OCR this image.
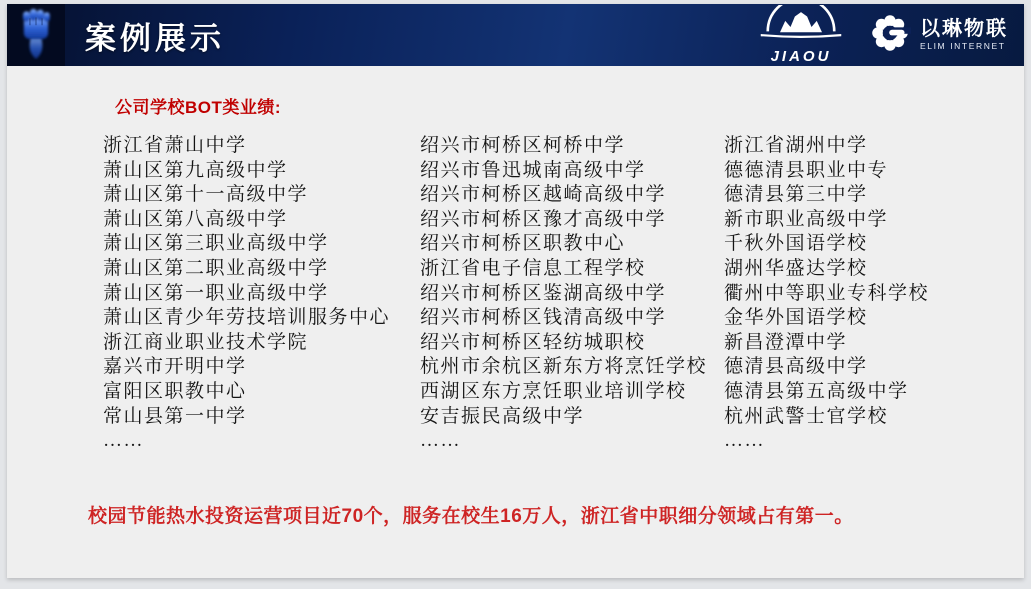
案例展示
JIAOU
以琳物联
ELIM INTERNET
公司学校BOT类业绩:
浙江省萧山中学
萧山区第九高级中学
萧山区第十一高级中学
萧山区第八高级中学
萧山区第三职业高级中学
萧山区第二职业高级中学
萧山区第一职业高级中学
萧山区青少年劳技培训服务中心
浙江商业职业技术学院
嘉兴市开明中学
富阳区职教中心
常山县第一中学
……
绍兴市柯桥区柯桥中学
绍兴市鲁迅城南高级中学
绍兴市柯桥区越崎高级中学
绍兴市柯桥区豫才高级中学
绍兴市柯桥区职教中心
浙江省电子信息工程学校
绍兴市柯桥区鉴湖高级中学
绍兴市柯桥区钱清高级中学
绍兴市柯桥区轻纺城职校
杭州市余杭区新东方将烹饪学校
西湖区东方烹饪职业培训学校
安吉振民高级中学
……
浙江省湖州中学
德德清县职业中专
德清县第三中学
新市职业高级中学
千秋外国语学校
湖州华盛达学校
衢州中等职业专科学校
金华外国语学校
新昌澄潭中学
德清县高级中学
德清县第五高级中学
杭州武警士官学校
……
校园节能热水投资运营项目近70个，服务在校生16万人，浙江省中职细分领域占有第一。
